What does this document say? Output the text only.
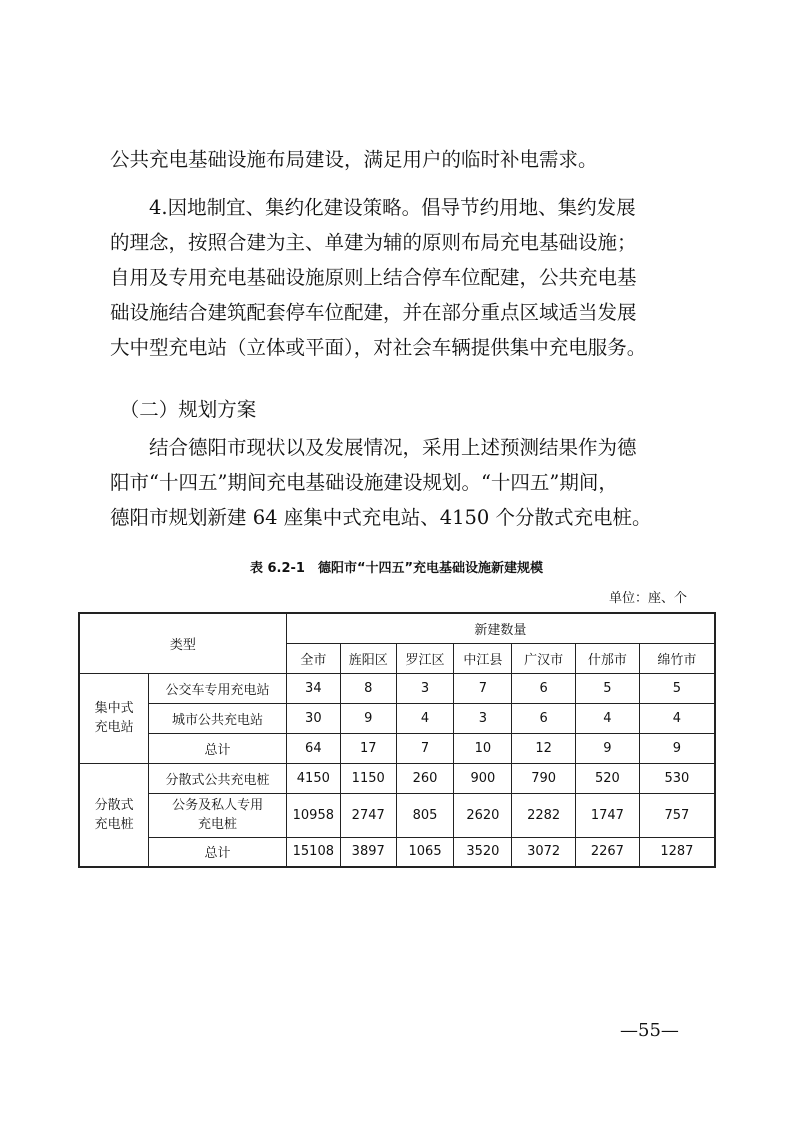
公共充电基础设施布局建设，满足用户的临时补电需求。
　　4.因地制宜、集约化建设策略。倡导节约用地、集约发展
的理念，按照合建为主、单建为辅的原则布局充电基础设施；
自用及专用充电基础设施原则上结合停车位配建，公共充电基
础设施结合建筑配套停车位配建，并在部分重点区域适当发展
大中型充电站（立体或平面），对社会车辆提供集中充电服务。
　（二）规划方案
　　结合德阳市现状以及发展情况，采用上述预测结果作为德
阳市“十四五”期间充电基础设施建设规划。“十四五”期间，
德阳市规划新建 64 座集中式充电站、4150 个分散式充电桩。
表 6.2-1　德阳市“十四五”充电基础设施新建规模
单位：座、个
类型		新建数量						
		全市	旌阳区	罗江区	中江县	广汉市	什邡市	绵竹市
集中式充电站	公交车专用充电站	34	8	3	7	6	5	5
	城市公共充电站	30	9	4	3	6	4	4
	总计	64	17	7	10	12	9	9
分散式充电桩	分散式公共充电桩	4150	1150	260	900	790	520	530
	公务及私人专用充电桩	10958	2747	805	2620	2282	1747	757
	总计	15108	3897	1065	3520	3072	2267	1287
—55—
